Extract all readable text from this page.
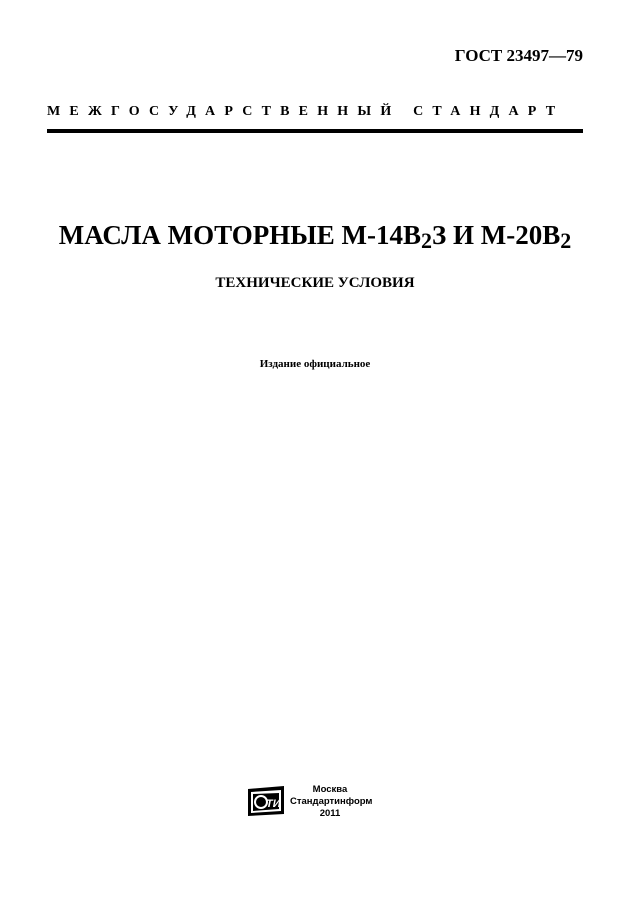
ГОСТ 23497—79
МЕЖГОСУДАРСТВЕННЫЙ СТАНДАРТ
МАСЛА МОТОРНЫЕ М-14В2З И М-20В2
ТЕХНИЧЕСКИЕ УСЛОВИЯ
Издание официальное
ТИ
Москва
Стандартинформ
2011
